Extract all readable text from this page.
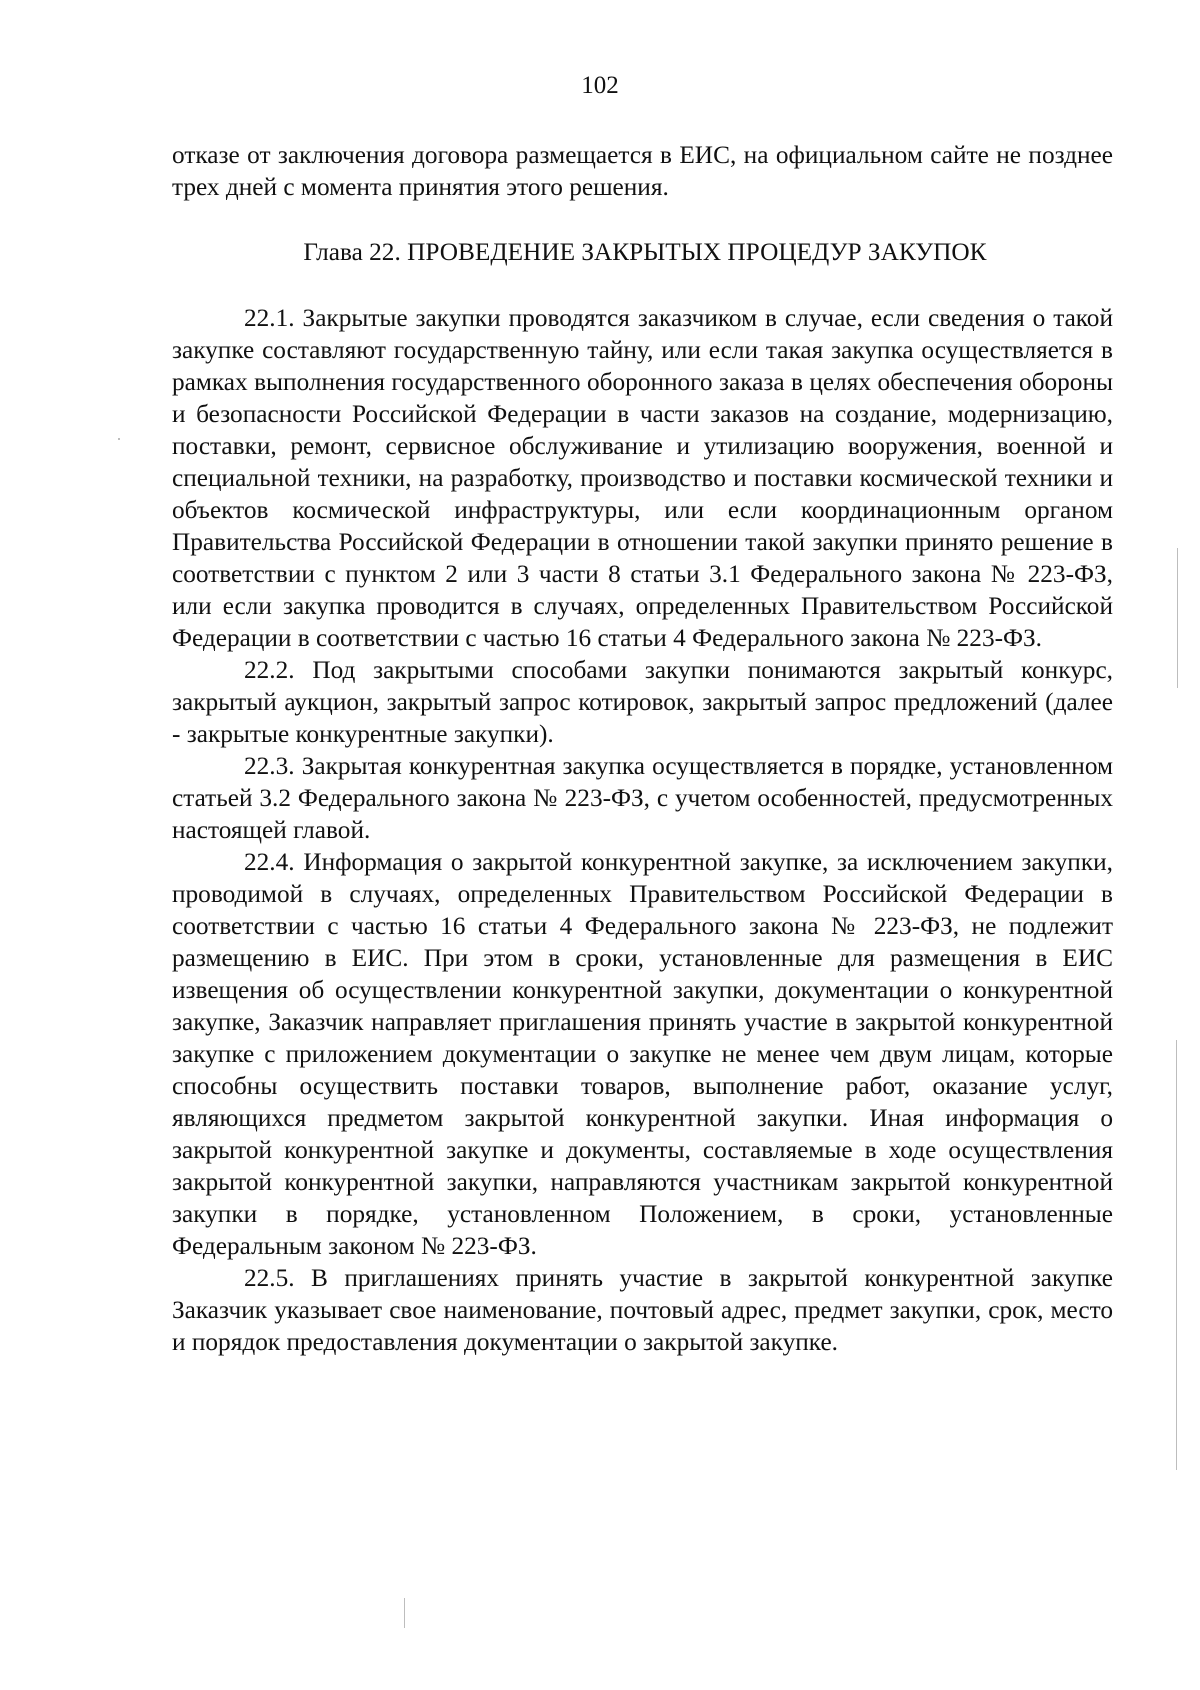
102

отказе от заключения договора размещается в ЕИС, на официальном сайте не позднее трех дней с момента принятия этого решения.

Глава 22. ПРОВЕДЕНИЕ ЗАКРЫТЫХ ПРОЦЕДУР ЗАКУПОК

22.1. Закрытые закупки проводятся заказчиком в случае, если сведения о такой закупке составляют государственную тайну, или если такая закупка осуществляется в рамках выполнения государственного оборонного заказа в целях обеспечения обороны и безопасности Российской Федерации в части заказов на создание, модернизацию, поставки, ремонт, сервисное обслуживание и утилизацию вооружения, военной и специальной техники, на разработку, производство и поставки космической техники и объектов космической инфраструктуры, или если координационным органом Правительства Российской Федерации в отношении такой закупки принято решение в соответствии с пунктом 2 или 3 части 8 статьи 3.1 Федерального закона № 223-ФЗ, или если закупка проводится в случаях, определенных Правительством Российской Федерации в соответствии с частью 16 статьи 4 Федерального закона № 223-ФЗ.

22.2. Под закрытыми способами закупки понимаются закрытый конкурс, закрытый аукцион, закрытый запрос котировок, закрытый запрос предложений (далее - закрытые конкурентные закупки).

22.3. Закрытая конкурентная закупка осуществляется в порядке, установленном статьей 3.2 Федерального закона № 223-ФЗ, с учетом особенностей, предусмотренных настоящей главой.

22.4. Информация о закрытой конкурентной закупке, за исключением закупки, проводимой в случаях, определенных Правительством Российской Федерации в соответствии с частью 16 статьи 4 Федерального закона № 223-ФЗ, не подлежит размещению в ЕИС. При этом в сроки, установленные для размещения в ЕИС извещения об осуществлении конкурентной закупки, документации о конкурентной закупке, Заказчик направляет приглашения принять участие в закрытой конкурентной закупке с приложением документации о закупке не менее чем двум лицам, которые способны осуществить поставки товаров, выполнение работ, оказание услуг, являющихся предметом закрытой конкурентной закупки. Иная информация о закрытой конкурентной закупке и документы, составляемые в ходе осуществления закрытой конкурентной закупки, направляются участникам закрытой конкурентной закупки в порядке, установленном Положением, в сроки, установленные Федеральным законом № 223-ФЗ.

22.5. В приглашениях принять участие в закрытой конкурентной закупке Заказчик указывает свое наименование, почтовый адрес, предмет закупки, срок, место и порядок предоставления документации о закрытой закупке.
